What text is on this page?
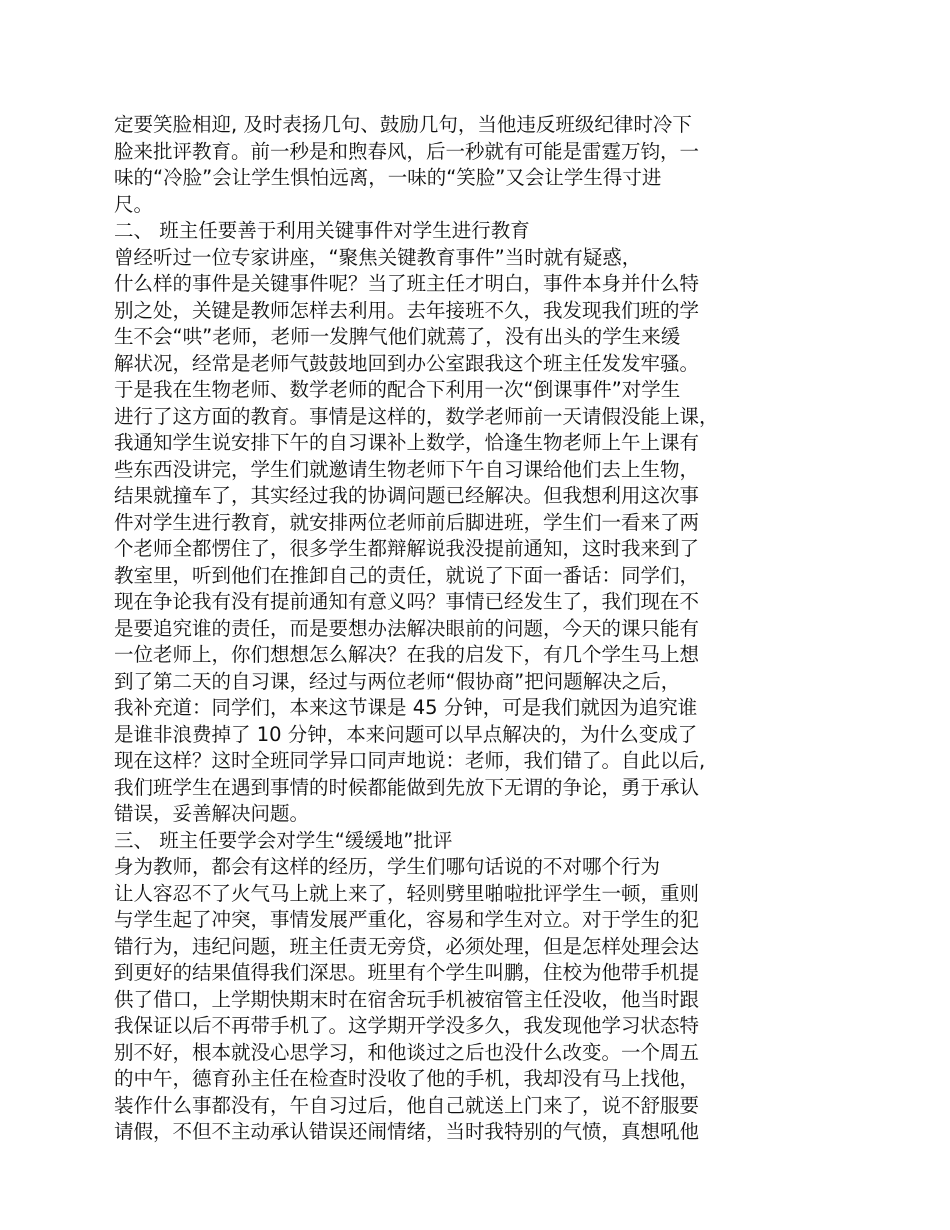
定要笑脸相迎, 及时表扬几句、鼓励几句，当他违反班级纪律时冷下
脸来批评教育。前一秒是和煦春风，后一秒就有可能是雷霆万钧，一
味的“冷脸”会让学生惧怕远离，一味的“笑脸”又会让学生得寸进
尺。
二、 班主任要善于利用关键事件对学生进行教育
曾经听过一位专家讲座，“聚焦关键教育事件”当时就有疑惑，
什么样的事件是关键事件呢？当了班主任才明白，事件本身并什么特
别之处，关键是教师怎样去利用。去年接班不久，我发现我们班的学
生不会“哄”老师，老师一发脾气他们就蔫了，没有出头的学生来缓
解状况，经常是老师气鼓鼓地回到办公室跟我这个班主任发发牢骚。
于是我在生物老师、数学老师的配合下利用一次“倒课事件”对学生
进行了这方面的教育。事情是这样的，数学老师前一天请假没能上课，
我通知学生说安排下午的自习课补上数学，恰逢生物老师上午上课有
些东西没讲完，学生们就邀请生物老师下午自习课给他们去上生物，
结果就撞车了，其实经过我的协调问题已经解决。但我想利用这次事
件对学生进行教育，就安排两位老师前后脚进班，学生们一看来了两
个老师全都愣住了，很多学生都辩解说我没提前通知，这时我来到了
教室里，听到他们在推卸自己的责任，就说了下面一番话：同学们，
现在争论我有没有提前通知有意义吗？事情已经发生了，我们现在不
是要追究谁的责任，而是要想办法解决眼前的问题，今天的课只能有
一位老师上，你们想想怎么解决？在我的启发下，有几个学生马上想
到了第二天的自习课，经过与两位老师“假协商”把问题解决之后，
我补充道：同学们，本来这节课是 45 分钟，可是我们就因为追究谁
是谁非浪费掉了 10 分钟，本来问题可以早点解决的，为什么变成了
现在这样？这时全班同学异口同声地说：老师，我们错了。自此以后,
我们班学生在遇到事情的时候都能做到先放下无谓的争论，勇于承认
错误，妥善解决问题。
三、 班主任要学会对学生“缓缓地”批评
身为教师，都会有这样的经历，学生们哪句话说的不对哪个行为
让人容忍不了火气马上就上来了，轻则劈里啪啦批评学生一顿，重则
与学生起了冲突，事情发展严重化，容易和学生对立。对于学生的犯
错行为，违纪问题，班主任责无旁贷，必须处理，但是怎样处理会达
到更好的结果值得我们深思。班里有个学生叫鹏，住校为他带手机提
供了借口，上学期快期末时在宿舍玩手机被宿管主任没收，他当时跟
我保证以后不再带手机了。这学期开学没多久，我发现他学习状态特
别不好，根本就没心思学习，和他谈过之后也没什么改变。一个周五
的中午，德育孙主任在检查时没收了他的手机，我却没有马上找他，
装作什么事都没有，午自习过后，他自己就送上门来了，说不舒服要
请假，不但不主动承认错误还闹情绪，当时我特别的气愤，真想吼他
